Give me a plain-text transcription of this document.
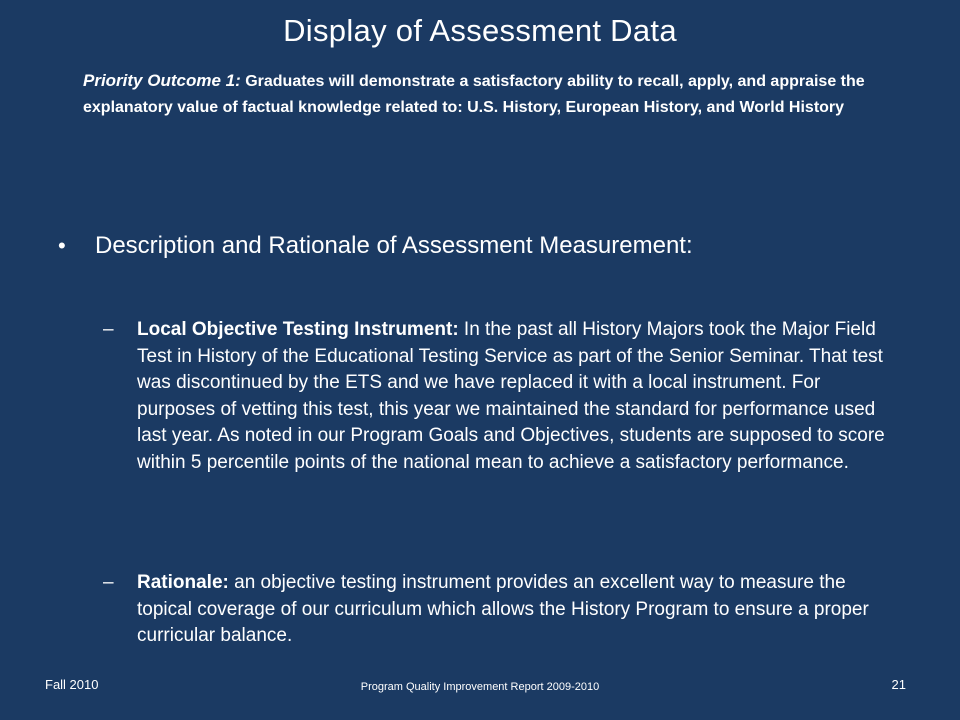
Display of Assessment Data
Priority Outcome 1: Graduates will demonstrate a satisfactory ability to recall, apply, and appraise the explanatory value of factual knowledge related to: U.S. History, European History, and World History
• Description and Rationale of Assessment Measurement:
– Local Objective Testing Instrument: In the past all History Majors took the Major Field Test in History of the Educational Testing Service as part of the Senior Seminar. That test was discontinued by the ETS and we have replaced it with a local instrument. For purposes of vetting this test, this year we maintained the standard for performance used last year. As noted in our Program Goals and Objectives, students are supposed to score within 5 percentile points of the national mean to achieve a satisfactory performance.
– Rationale: an objective testing instrument provides an excellent way to measure the topical coverage of our curriculum which allows the History Program to ensure a proper curricular balance.
Fall 2010	Program Quality Improvement Report 2009-2010	21
